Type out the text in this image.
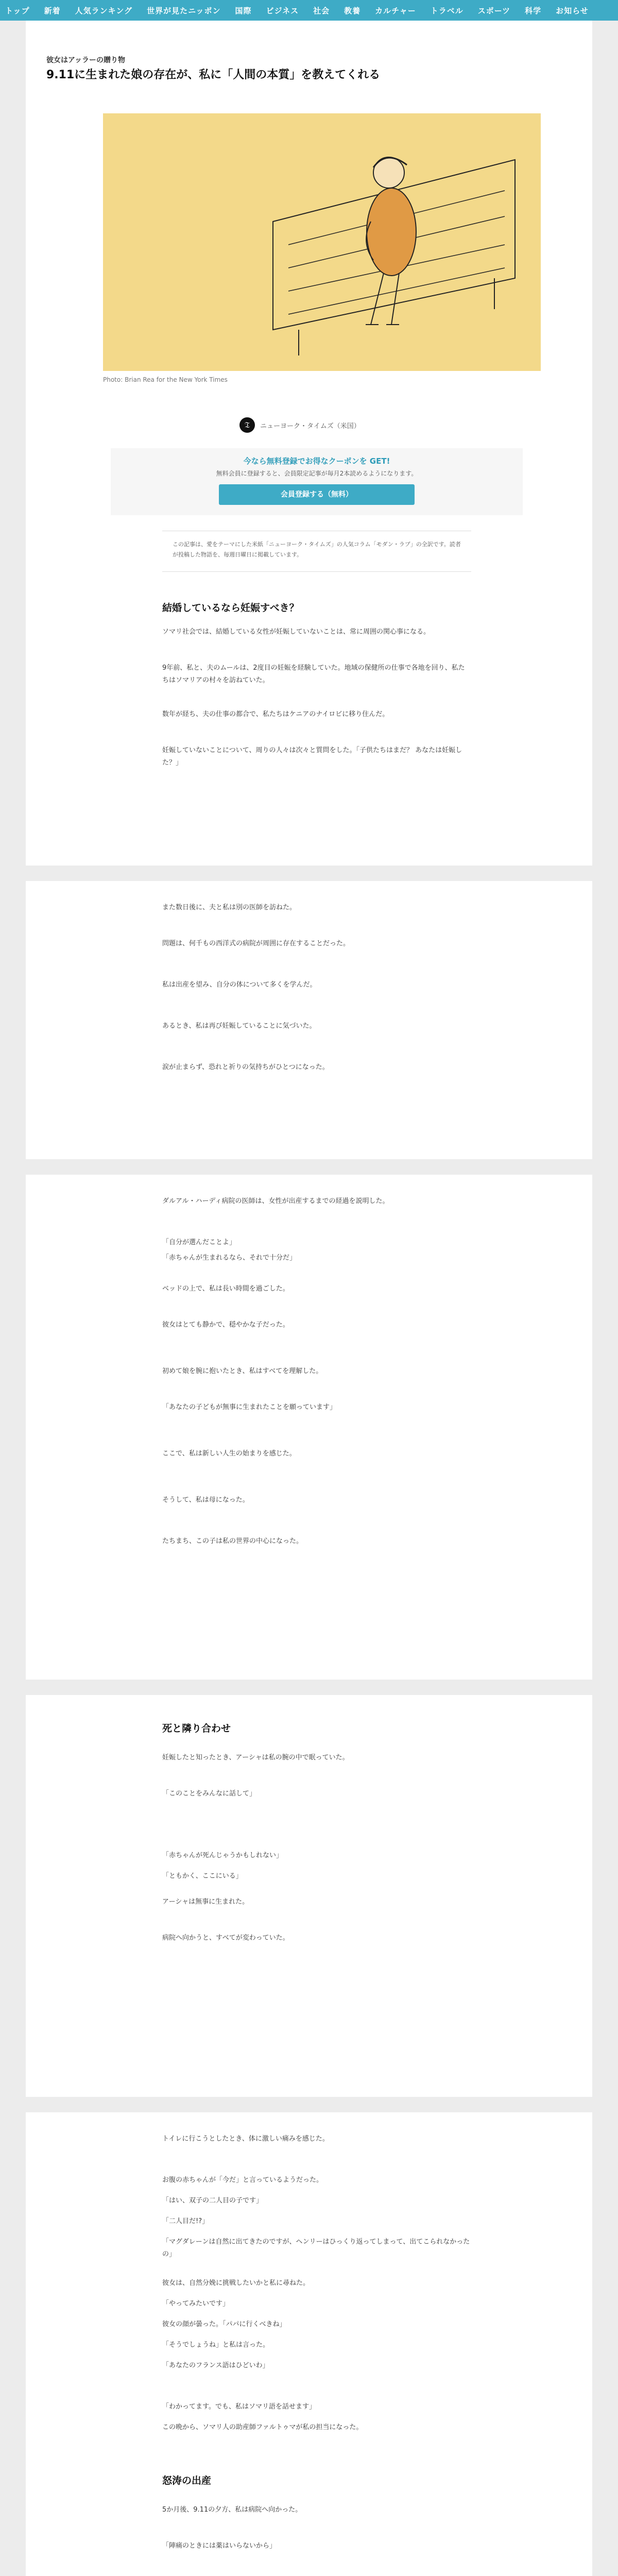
トップ 新着 人気ランキング 世界が見たニッポン 国際 ビジネス 社会 教養 カルチャー トラベル スポーツ 科学 お知らせ
彼女はアッラーの贈り物
9.11に生まれた娘の存在が、私に「人間の本質」を教えてくれる
Photo: Brian Rea for the New York Times
𝔗	ニューヨーク・タイムズ（米国）
今なら無料登録でお得なクーポンを GET!
無料会員に登録すると、会員限定記事が毎月2本読めるようになります。
会員登録する（無料）
この記事は、愛をテーマにした米紙「ニューヨーク・タイムズ」の人気コラム「モダン・ラブ」の全訳です。読者が投稿した物語を、毎週日曜日に掲載しています。
結婚しているなら妊娠すべき？
ソマリ社会では、結婚している女性が妊娠していないことは、常に周囲の関心事になる。
9年前、私と、夫のムールは、2度目の妊娠を経験していた。地域の保健所の仕事で各地を回り、私たちはソマリアの村々を訪ねていた。
数年が経ち、夫の仕事の都合で、私たちはケニアのナイロビに移り住んだ。
妊娠していないことについて、周りの人々は次々と質問をした。「子供たちはまだ？ あなたは妊娠した？」
また数日後に、夫と私は別の医師を訪ねた。
問題は、何千もの西洋式の病院が周囲に存在することだった。
私は出産を望み、自分の体について多くを学んだ。
あるとき、私は再び妊娠していることに気づいた。
涙が止まらず、恐れと祈りの気持ちがひとつになった。
ダルアル・ハーディ病院の医師は、女性が出産するまでの経過を説明した。
「自分が選んだことよ」
「赤ちゃんが生まれるなら、それで十分だ」
ベッドの上で、私は長い時間を過ごした。
彼女はとても静かで、穏やかな子だった。
初めて娘を腕に抱いたとき、私はすべてを理解した。
「あなたの子どもが無事に生まれたことを願っています」
ここで、私は新しい人生の始まりを感じた。
そうして、私は母になった。
たちまち、この子は私の世界の中心になった。
死と隣り合わせ
妊娠したと知ったとき、アーシャは私の腕の中で眠っていた。
「このことをみんなに話して」
「赤ちゃんが死んじゃうかもしれない」
「ともかく、ここにいる」
アーシャは無事に生まれた。
病院へ向かうと、すべてが変わっていた。
トイレに行こうとしたとき、体に激しい痛みを感じた。
お腹の赤ちゃんが「今だ」と言っているようだった。
「はい、双子の二人目の子です」
「二人目だ!?」
「マグダレーンは自然に出てきたのですが、ヘンリーはひっくり返ってしまって、出てこられなかったの」
彼女は、自然分娩に挑戦したいかと私に尋ねた。
「やってみたいです」
彼女の顔が曇った。「パパに行くべきね」
「そうでしょうね」と私は言った。
「あなたのフランス語はひどいわ」
「わかってます。でも、私はソマリ語を話せます」
この晩から、ソマリ人の助産師ファルトゥマが私の担当になった。
怒涛の出産
5か月後、9.11の夕方、私は病院へ向かった。
「陣痛のときには薬はいらないから」
